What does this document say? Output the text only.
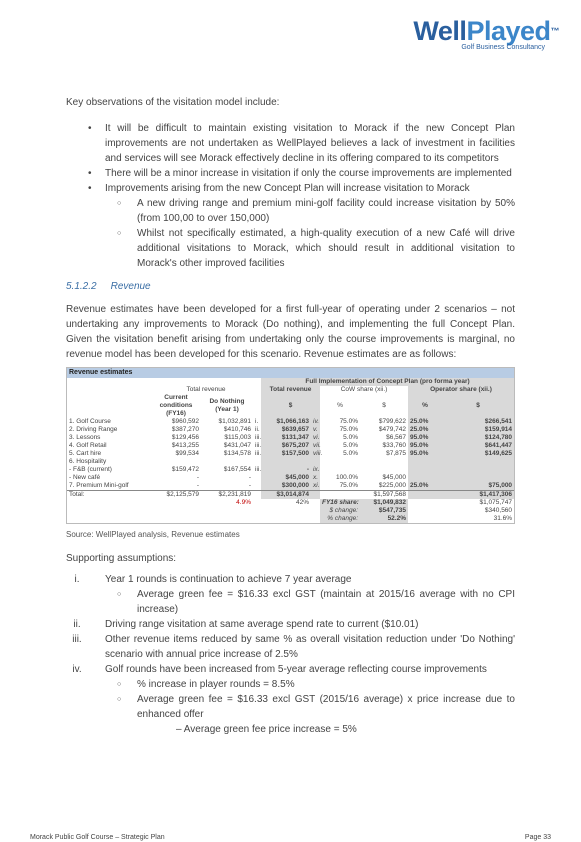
WellPlayed™
Golf Business Consultancy
Key observations of the visitation model include:
• It will be difficult to maintain existing visitation to Morack if the new Concept Plan improvements are not undertaken as WellPlayed believes a lack of investment in facilities and services will see Morack effectively decline in its offering compared to its competitors
• There will be a minor increase in visitation if only the course improvements are implemented
• Improvements arising from the new Concept Plan will increase visitation to Morack
○ A new driving range and premium mini-golf facility could increase visitation by 50% (from 100,00 to over 150,000)
○ Whilst not specifically estimated, a high-quality execution of a new Café will drive additional visitations to Morack, which should result in additional visitation to Morack's other improved facilities
5.1.2.2 Revenue
Revenue estimates have been developed for a first full-year of operating under 2 scenarios – not undertaking any improvements to Morack (Do nothing), and implementing the full Concept Plan. Given the visitation benefit arising from undertaking only the course improvements is marginal, no revenue model has been developed for this scenario. Revenue estimates are as follows:
Revenue estimates
				Full Implementation of Concept Plan (pro forma year)					
	Total revenue			Total revenue		CoW share (xii.)		Operator share (xii.)	
	Current conditions (FY16)	Do Nothing (Year 1)		$		%	$	%	$
1. Golf Course	$960,592	$1,032,891	i.	$1,066,163	iv.	75.0%	$799,622	25.0%	$266,541
2. Driving Range	$387,270	$410,746	ii.	$639,657	v.	75.0%	$479,742	25.0%	$159,914
3. Lessons	$129,456	$115,003	iii.	$131,347	vi.	5.0%	$6,567	95.0%	$124,780
4. Golf Retail	$413,255	$431,047	iii.	$675,207	vii.	5.0%	$33,760	95.0%	$641,447
5. Cart hire	$99,534	$134,578	iii.	$157,500	viii.	5.0%	$7,875	95.0%	$149,625
6. Hospitality									
- F&B (current)	$159,472	$167,554	iii.	-	ix.				
- New café	-	-		$45,000	x.	100.0%	$45,000		
7. Premium Mini-golf	-	-		$300,000	xi.	75.0%	$225,000	25.0%	$75,000
Total:	$2,125,579	$2,231,819		$3,014,874			$1,597,568		$1,417,306
		4.9%		42%		FY16 share:	$1,049,832		$1,075,747
						$ change:	$547,735		$340,560
						% change:	52.2%		31.6%
Source: WellPlayed analysis, Revenue estimates
Supporting assumptions:
i.	Year 1 rounds is continuation to achieve 7 year average
○ Average green fee = $16.33 excl GST (maintain at 2015/16 average with no CPI increase)
ii.	Driving range visitation at same average spend rate to current ($10.01)
iii.	Other revenue items reduced by same % as overall visitation reduction under 'Do Nothing' scenario with annual price increase of 2.5%
iv.	Golf rounds have been increased from 5-year average reflecting course improvements
○ % increase in player rounds = 8.5%
○ Average green fee = $16.33 excl GST (2015/16 average) x price increase due to enhanced offer
– Average green fee price increase = 5%
Morack Public Golf Course – Strategic Plan	Page 33
